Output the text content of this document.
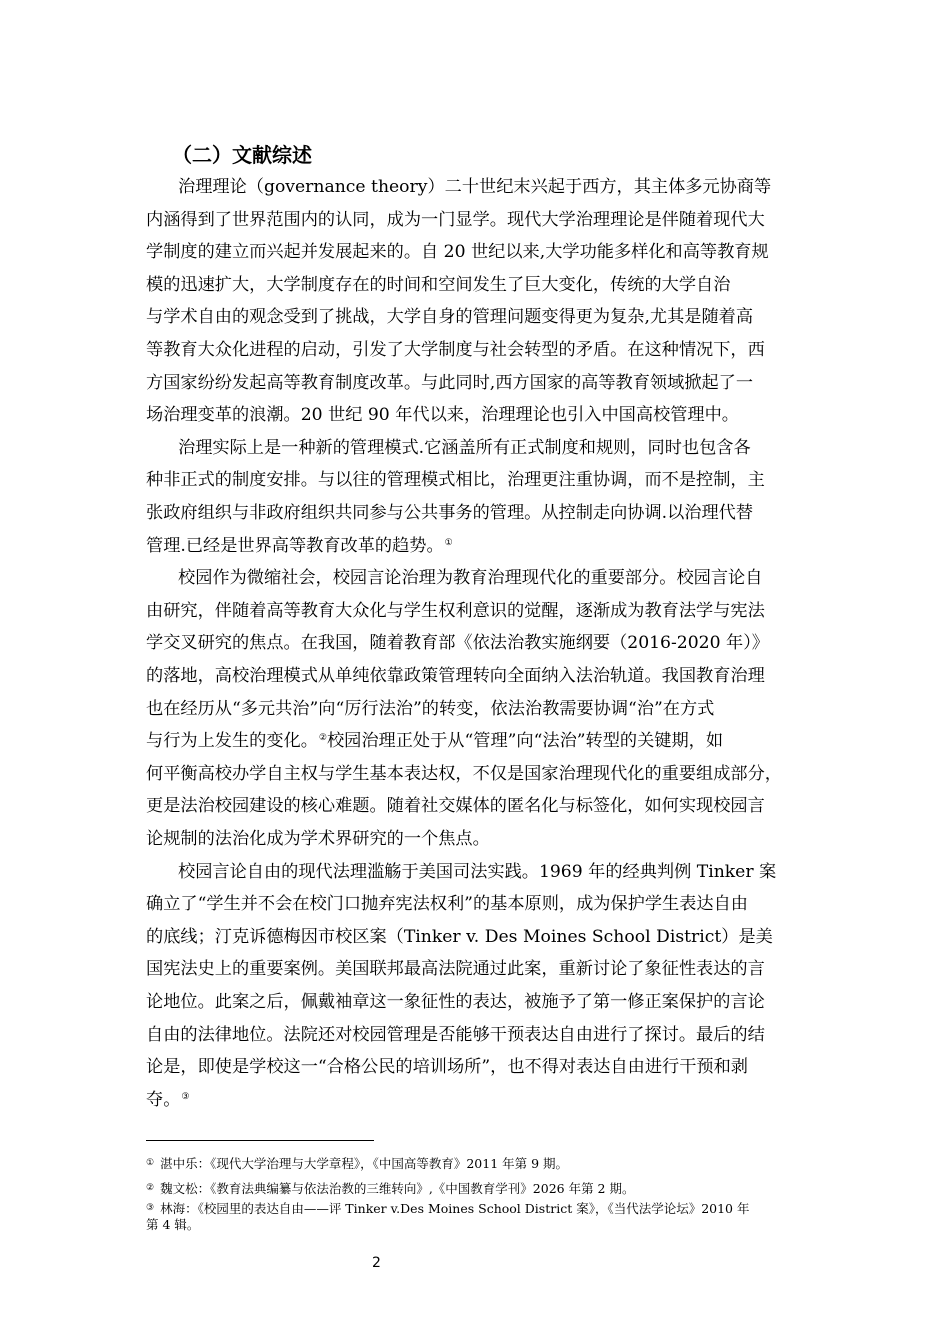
（二）文献综述

治理理论（governance theory）二十世纪末兴起于西方，其主体多元协商等

内涵得到了世界范围内的认同，成为一门显学。现代大学治理理论是伴随着现代大

学制度的建立而兴起并发展起来的。自 20 世纪以来,大学功能多样化和高等教育规

模的迅速扩大，大学制度存在的时间和空间发生了巨大变化，传统的大学自治

与学术自由的观念受到了挑战，大学自身的管理问题变得更为复杂,尤其是随着高

等教育大众化进程的启动，引发了大学制度与社会转型的矛盾。在这种情况下，西

方国家纷纷发起高等教育制度改革。与此同时,西方国家的高等教育领域掀起了一

场治理变革的浪潮。20 世纪 90 年代以来，治理理论也引入中国高校管理中。

治理实际上是一种新的管理模式.它涵盖所有正式制度和规则，同时也包含各

种非正式的制度安排。与以往的管理模式相比，治理更注重协调，而不是控制，主

张政府组织与非政府组织共同参与公共事务的管理。从控制走向协调.以治理代替

管理.已经是世界高等教育改革的趋势。①

校园作为微缩社会，校园言论治理为教育治理现代化的重要部分。校园言论自

由研究，伴随着高等教育大众化与学生权利意识的觉醒，逐渐成为教育法学与宪法

学交叉研究的焦点。在我国，随着教育部《依法治教实施纲要（2016-2020 年）》

的落地，高校治理模式从单纯依靠政策管理转向全面纳入法治轨道。我国教育治理

也在经历从“多元共治”向“厉行法治”的转变，依法治教需要协调“治”在方式

与行为上发生的变化。②校园治理正处于从“管理”向“法治”转型的关键期，如

何平衡高校办学自主权与学生基本表达权，不仅是国家治理现代化的重要组成部分，

更是法治校园建设的核心难题。随着社交媒体的匿名化与标签化，如何实现校园言

论规制的法治化成为学术界研究的一个焦点。

校园言论自由的现代法理滥觞于美国司法实践。1969 年的经典判例 Tinker 案

确立了“学生并不会在校门口抛弃宪法权利”的基本原则，成为保护学生表达自由

的底线；汀克诉德梅因市校区案（Tinker v. Des Moines School District）是美

国宪法史上的重要案例。美国联邦最高法院通过此案，重新讨论了象征性表达的言

论地位。此案之后，佩戴袖章这一象征性的表达，被施予了第一修正案保护的言论

自由的法律地位。法院还对校园管理是否能够干预表达自由进行了探讨。最后的结

论是，即使是学校这一“合格公民的培训场所”，也不得对表达自由进行干预和剥

夺。③

① 湛中乐：《现代大学治理与大学章程》，《中国高等教育》2011 年第 9 期。

② 魏文松：《教育法典编纂与依法治教的三维转向》,《中国教育学刊》2026 年第 2 期。

③ 林海：《校园里的表达自由——评 Tinker v.Des Moines School District 案》，《当代法学论坛》2010 年

第 4 辑。

2
